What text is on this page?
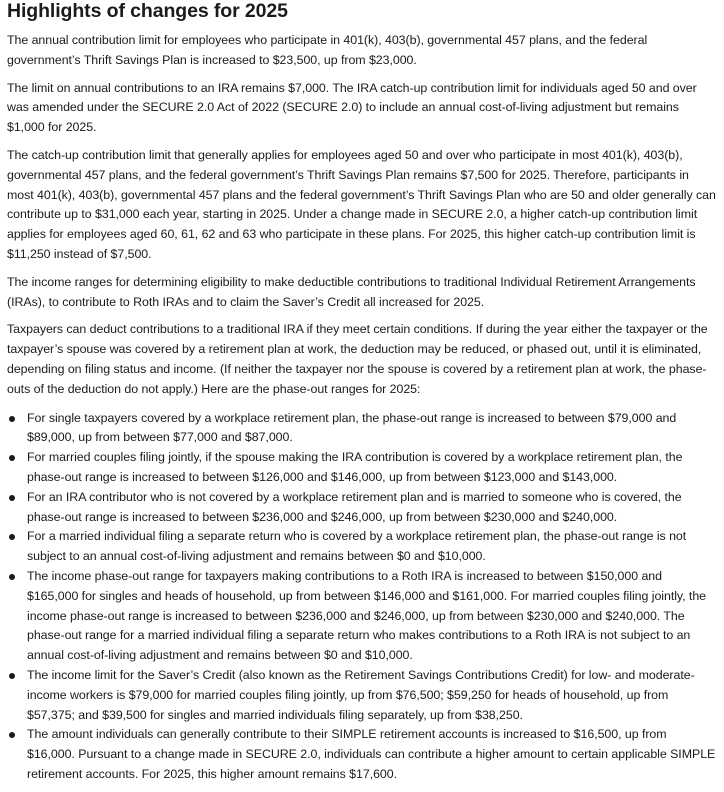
Highlights of changes for 2025

The annual contribution limit for employees who participate in 401(k), 403(b), governmental 457 plans, and the federal government’s Thrift Savings Plan is increased to $23,500, up from $23,000.

The limit on annual contributions to an IRA remains $7,000. The IRA catch-up contribution limit for individuals aged 50 and over was amended under the SECURE 2.0 Act of 2022 (SECURE 2.0) to include an annual cost-of-living adjustment but remains $1,000 for 2025.

The catch-up contribution limit that generally applies for employees aged 50 and over who participate in most 401(k), 403(b), governmental 457 plans, and the federal government’s Thrift Savings Plan remains $7,500 for 2025. Therefore, participants in most 401(k), 403(b), governmental 457 plans and the federal government’s Thrift Savings Plan who are 50 and older generally can contribute up to $31,000 each year, starting in 2025. Under a change made in SECURE 2.0, a higher catch-up contribution limit applies for employees aged 60, 61, 62 and 63 who participate in these plans. For 2025, this higher catch-up contribution limit is $11,250 instead of $7,500.

The income ranges for determining eligibility to make deductible contributions to traditional Individual Retirement Arrangements (IRAs), to contribute to Roth IRAs and to claim the Saver’s Credit all increased for 2025.

Taxpayers can deduct contributions to a traditional IRA if they meet certain conditions. If during the year either the taxpayer or the taxpayer’s spouse was covered by a retirement plan at work, the deduction may be reduced, or phased out, until it is eliminated, depending on filing status and income. (If neither the taxpayer nor the spouse is covered by a retirement plan at work, the phase-outs of the deduction do not apply.) Here are the phase-out ranges for 2025:

For single taxpayers covered by a workplace retirement plan, the phase-out range is increased to between $79,000 and $89,000, up from between $77,000 and $87,000.
For married couples filing jointly, if the spouse making the IRA contribution is covered by a workplace retirement plan, the phase-out range is increased to between $126,000 and $146,000, up from between $123,000 and $143,000.
For an IRA contributor who is not covered by a workplace retirement plan and is married to someone who is covered, the phase-out range is increased to between $236,000 and $246,000, up from between $230,000 and $240,000.
For a married individual filing a separate return who is covered by a workplace retirement plan, the phase-out range is not subject to an annual cost-of-living adjustment and remains between $0 and $10,000.
The income phase-out range for taxpayers making contributions to a Roth IRA is increased to between $150,000 and $165,000 for singles and heads of household, up from between $146,000 and $161,000. For married couples filing jointly, the income phase-out range is increased to between $236,000 and $246,000, up from between $230,000 and $240,000. The phase-out range for a married individual filing a separate return who makes contributions to a Roth IRA is not subject to an annual cost-of-living adjustment and remains between $0 and $10,000.
The income limit for the Saver’s Credit (also known as the Retirement Savings Contributions Credit) for low- and moderate-income workers is $79,000 for married couples filing jointly, up from $76,500; $59,250 for heads of household, up from $57,375; and $39,500 for singles and married individuals filing separately, up from $38,250.
The amount individuals can generally contribute to their SIMPLE retirement accounts is increased to $16,500, up from $16,000. Pursuant to a change made in SECURE 2.0, individuals can contribute a higher amount to certain applicable SIMPLE retirement accounts. For 2025, this higher amount remains $17,600.
